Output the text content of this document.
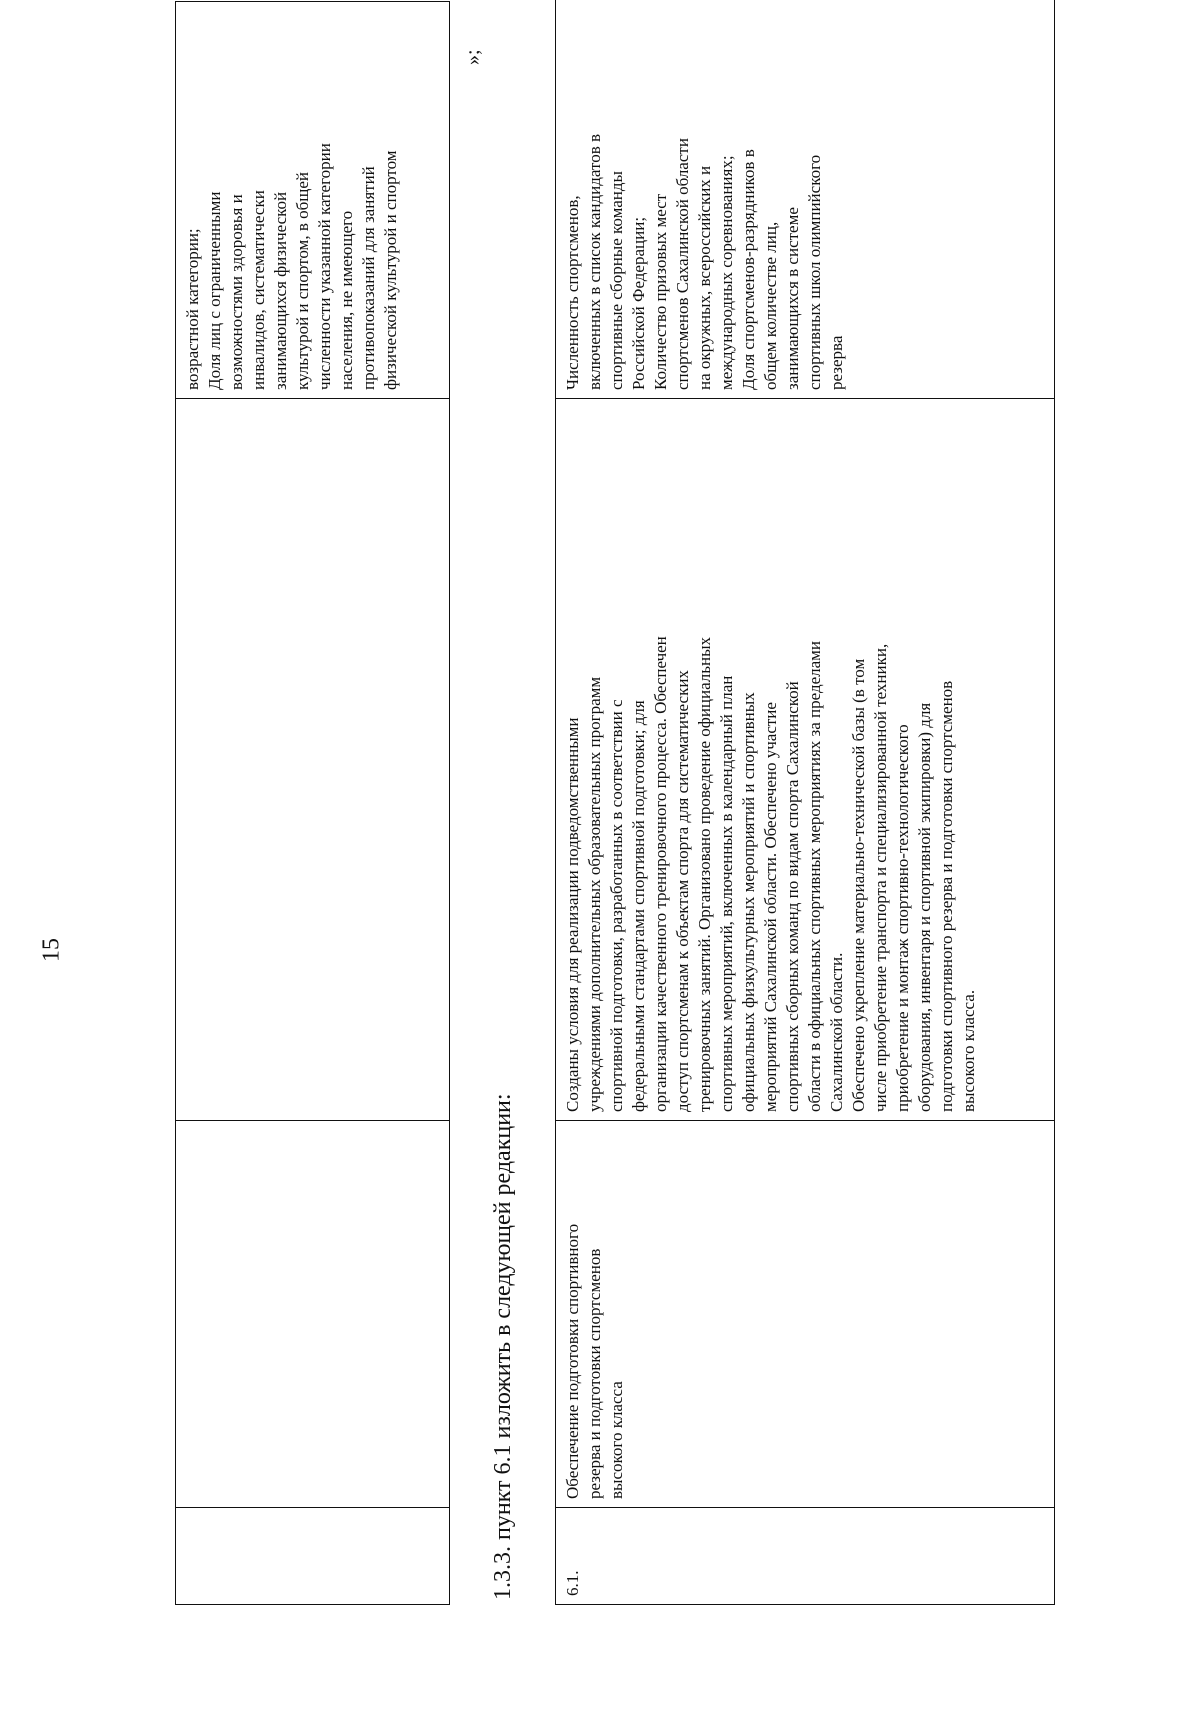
15
			возрастной категории;
Доля лиц с ограниченными
возможностями здоровья и
инвалидов, систематически
занимающихся физической
культурой и спортом, в общей
численности указанной категории
населения, не имеющего
противопоказаний для занятий
физической культурой и спортом
»;
1.3.3. пункт 6.1 изложить в следующей редакции:	6.1.	Обеспечение подготовки спортивного
резерва и подготовки спортсменов
высокого класса	Созданы условия для реализации подведомственными
учреждениями дополнительных образовательных программ
спортивной подготовки, разработанных в соответствии с
федеральными стандартами спортивной подготовки; для
организации качественного тренировочного процесса. Обеспечен
доступ спортсменам к объектам спорта для систематических
тренировочных занятий. Организовано проведение официальных
спортивных мероприятий, включенных в календарный план
официальных физкультурных мероприятий и спортивных
мероприятий Сахалинской области. Обеспечено участие
спортивных сборных команд по видам спорта Сахалинской
области в официальных спортивных мероприятиях за пределами
Сахалинской области.
Обеспечено укрепление материально-технической базы (в том
числе приобретение транспорта и специализированной техники,
приобретение и монтаж спортивно-технологического
оборудования, инвентаря и спортивной экипировки) для
подготовки спортивного резерва и подготовки спортсменов
высокого класса.	Численность спортсменов,
включенных в список кандидатов в
спортивные сборные команды
Российской Федерации;
Количество призовых мест
спортсменов Сахалинской области
на окружных, всероссийских и
международных соревнованиях;
Доля спортсменов-разрядников в
общем количестве лиц,
занимающихся в системе
спортивных школ олимпийского
резерва
